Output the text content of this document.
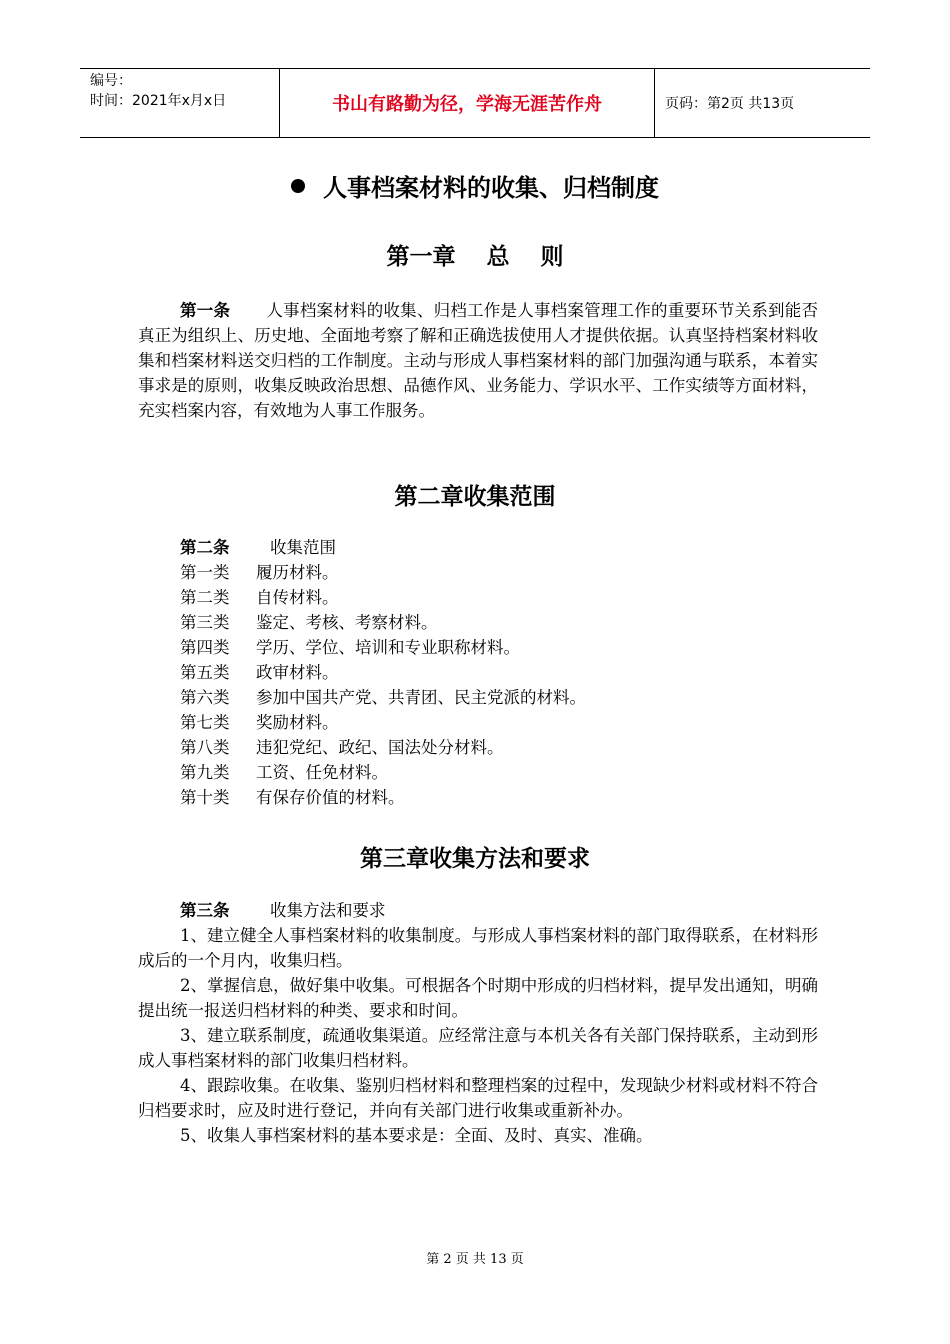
编号：
时间：2021年x月x日	书山有路勤为径，学海无涯苦作舟	页码：第2页 共13页
人事档案材料的收集、归档制度
第一章　 总　 则

第一条 人事档案材料的收集、归档工作是人事档案管理工作的重要环节关系到能否真正为组织上、历史地、全面地考察了解和正确选拔使用人才提供依据。认真坚持档案材料收集和档案材料送交归档的工作制度。主动与形成人事档案材料的部门加强沟通与联系，本着实事求是的原则，收集反映政治思想、品德作风、业务能力、学识水平、工作实绩等方面材料，充实档案内容，有效地为人事工作服务。

第二章收集范围
第二条	收集范围
第一类	履历材料。
第二类	自传材料。
第三类	鉴定、考核、考察材料。
第四类	学历、学位、培训和专业职称材料。
第五类	政审材料。
第六类	参加中国共产党、共青团、民主党派的材料。
第七类	奖励材料。
第八类	违犯党纪、政纪、国法处分材料。
第九类	工资、任免材料。
第十类	有保存价值的材料。
第三章收集方法和要求

第三条 收集方法和要求

1、建立健全人事档案材料的收集制度。与形成人事档案材料的部门取得联系，在材料形成后的一个月内，收集归档。

2、掌握信息，做好集中收集。可根据各个时期中形成的归档材料，提早发出通知，明确提出统一报送归档材料的种类、要求和时间。

3、建立联系制度，疏通收集渠道。应经常注意与本机关各有关部门保持联系，主动到形成人事档案材料的部门收集归档材料。

4、跟踪收集。在收集、鉴别归档材料和整理档案的过程中，发现缺少材料或材料不符合归档要求时，应及时进行登记，并向有关部门进行收集或重新补办。

5、收集人事档案材料的基本要求是：全面、及时、真实、准确。

第 2 页 共 13 页
